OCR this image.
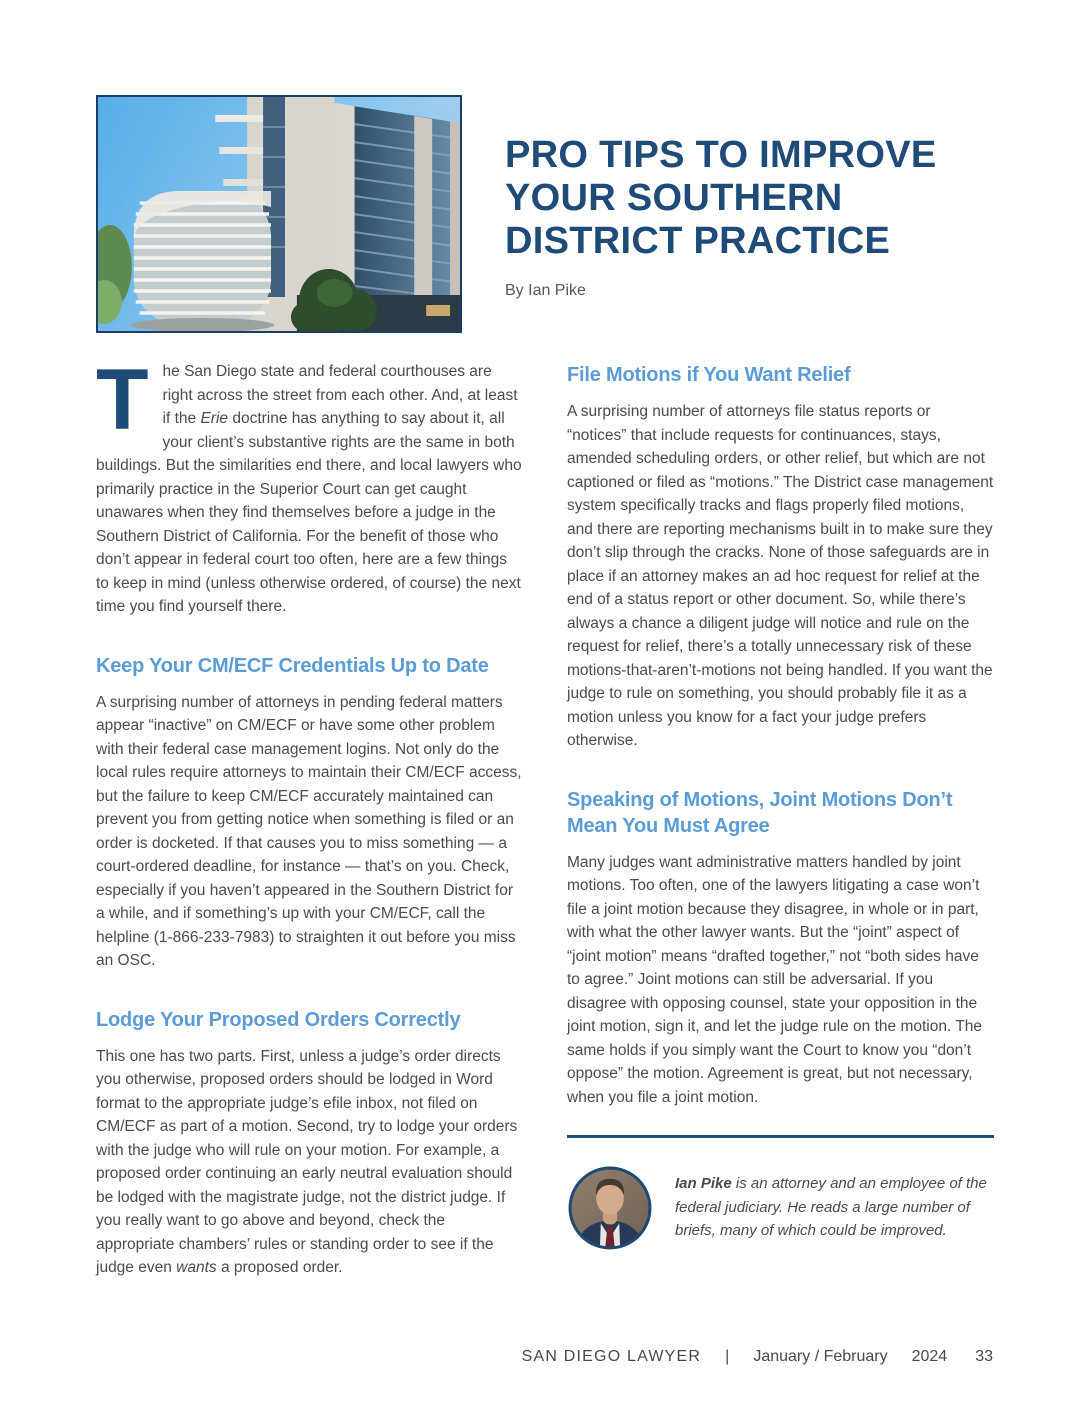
PRO TIPS TO IMPROVE
YOUR SOUTHERN
DISTRICT PRACTICE
By Ian Pike

The San Diego state and federal courthouses are right across the street from each other. And, at least if the Erie doctrine has anything to say about it, all your client’s substantive rights are the same in both buildings. But the similarities end there, and local lawyers who primarily practice in the Superior Court can get caught unawares when they find themselves before a judge in the Southern District of California. For the benefit of those who don’t appear in federal court too often, here are a few things to keep in mind (unless otherwise ordered, of course) the next time you find yourself there.

Keep Your CM/ECF Credentials Up to Date

A surprising number of attorneys in pending federal matters appear “inactive” on CM/ECF or have some other problem with their federal case management logins. Not only do the local rules require attorneys to maintain their CM/ECF access, but the failure to keep CM/ECF accurately maintained can prevent you from getting notice when something is filed or an order is docketed. If that causes you to miss something — a court-ordered deadline, for instance — that’s on you. Check, especially if you haven’t appeared in the Southern District for a while, and if something’s up with your CM/ECF, call the helpline (1-866-233-7983) to straighten it out before you miss an OSC.

Lodge Your Proposed Orders Correctly

This one has two parts. First, unless a judge’s order directs you otherwise, proposed orders should be lodged in Word format to the appropriate judge’s efile inbox, not filed on CM/ECF as part of a motion. Second, try to lodge your orders with the judge who will rule on your motion. For example, a proposed order continuing an early neutral evaluation should be lodged with the magistrate judge, not the district judge. If you really want to go above and beyond, check the appropriate chambers’ rules or standing order to see if the judge even wants a proposed order.

File Motions if You Want Relief

A surprising number of attorneys file status reports or “notices” that include requests for continuances, stays, amended scheduling orders, or other relief, but which are not captioned or filed as “motions.” The District case management system specifically tracks and flags properly filed motions, and there are reporting mechanisms built in to make sure they don’t slip through the cracks. None of those safeguards are in place if an attorney makes an ad hoc request for relief at the end of a status report or other document. So, while there’s always a chance a diligent judge will notice and rule on the request for relief, there’s a totally unnecessary risk of these motions-that-aren’t-motions not being handled. If you want the judge to rule on something, you should probably file it as a motion unless you know for a fact your judge prefers otherwise.

Speaking of Motions, Joint Motions Don’t Mean You Must Agree

Many judges want administrative matters handled by joint motions. Too often, one of the lawyers litigating a case won’t file a joint motion because they disagree, in whole or in part, with what the other lawyer wants. But the “joint” aspect of “joint motion” means “drafted together,” not “both sides have to agree.” Joint motions can still be adversarial. If you disagree with opposing counsel, state your opposition in the joint motion, sign it, and let the judge rule on the motion. The same holds if you simply want the Court to know you “don’t oppose” the motion. Agreement is great, but not necessary, when you file a joint motion.

Ian Pike is an attorney and an employee of the federal judiciary. He reads a large number of briefs, many of which could be improved.
SAN DIEGO LAWYER | January / February 2024 33
